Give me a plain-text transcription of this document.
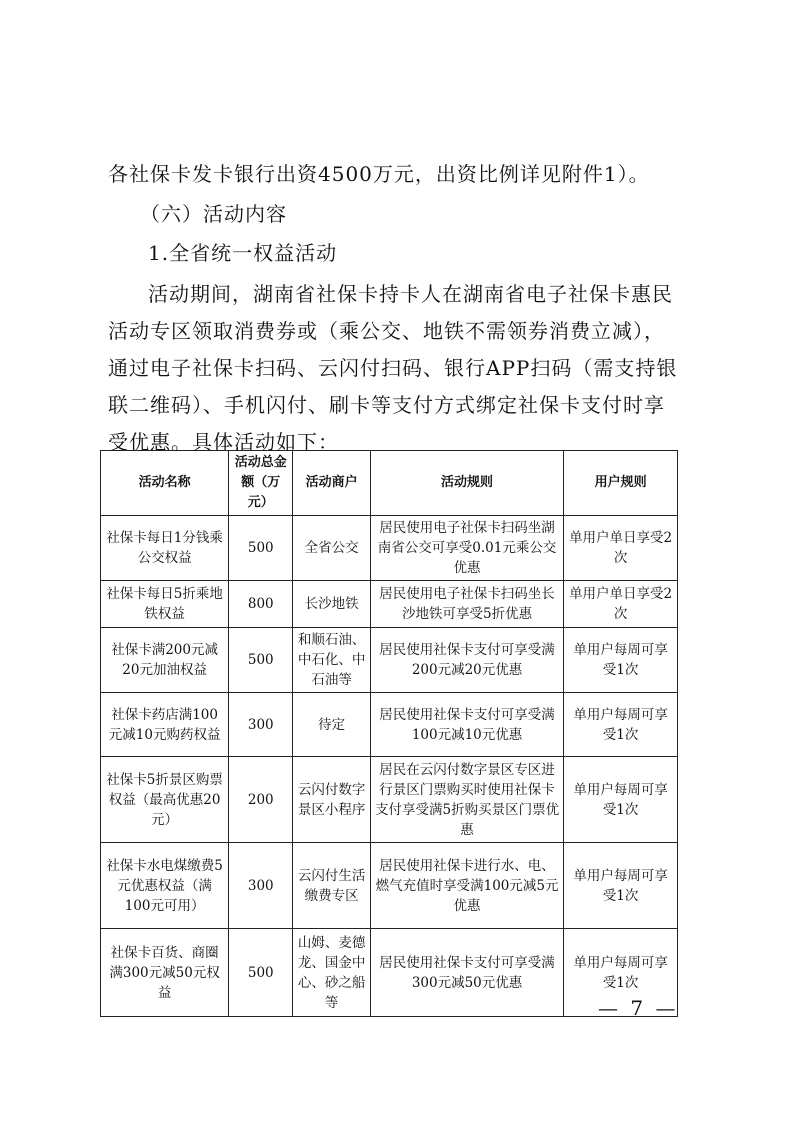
各社保卡发卡银行出资4500万元，出资比例详见附件1）。
（六）活动内容
1.全省统一权益活动
活动期间，湖南省社保卡持卡人在湖南省电子社保卡惠民
活动专区领取消费券或（乘公交、地铁不需领券消费立减），
通过电子社保卡扫码、云闪付扫码、银行APP扫码（需支持银
联二维码）、手机闪付、刷卡等支付方式绑定社保卡支付时享
受优惠。具体活动如下：
活动名称	活动总金额（万元）	活动商户	活动规则	用户规则
社保卡每日1分钱乘公交权益	500	全省公交	居民使用电子社保卡扫码坐湖南省公交可享受0.01元乘公交优惠	单用户单日享受2次
社保卡每日5折乘地铁权益	800	长沙地铁	居民使用电子社保卡扫码坐长沙地铁可享受5折优惠	单用户单日享受2次
社保卡满200元减20元加油权益	500	和顺石油、中石化、中石油等	居民使用社保卡支付可享受满200元减20元优惠	单用户每周可享受1次
社保卡药店满100元减10元购药权益	300	待定	居民使用社保卡支付可享受满100元减10元优惠	单用户每周可享受1次
社保卡5折景区购票权益（最高优惠20元）	200	云闪付数字景区小程序	居民在云闪付数字景区专区进行景区门票购买时使用社保卡支付享受满5折购买景区门票优惠	单用户每周可享受1次
社保卡水电煤缴费5元优惠权益（满100元可用）	300	云闪付生活缴费专区	居民使用社保卡进行水、电、燃气充值时享受满100元减5元优惠	单用户每周可享受1次
社保卡百货、商圈满300元减50元权益	500	山姆、麦德龙、国金中心、砂之船等	居民使用社保卡支付可享受满300元减50元优惠	单用户每周可享受1次
— 7 —
